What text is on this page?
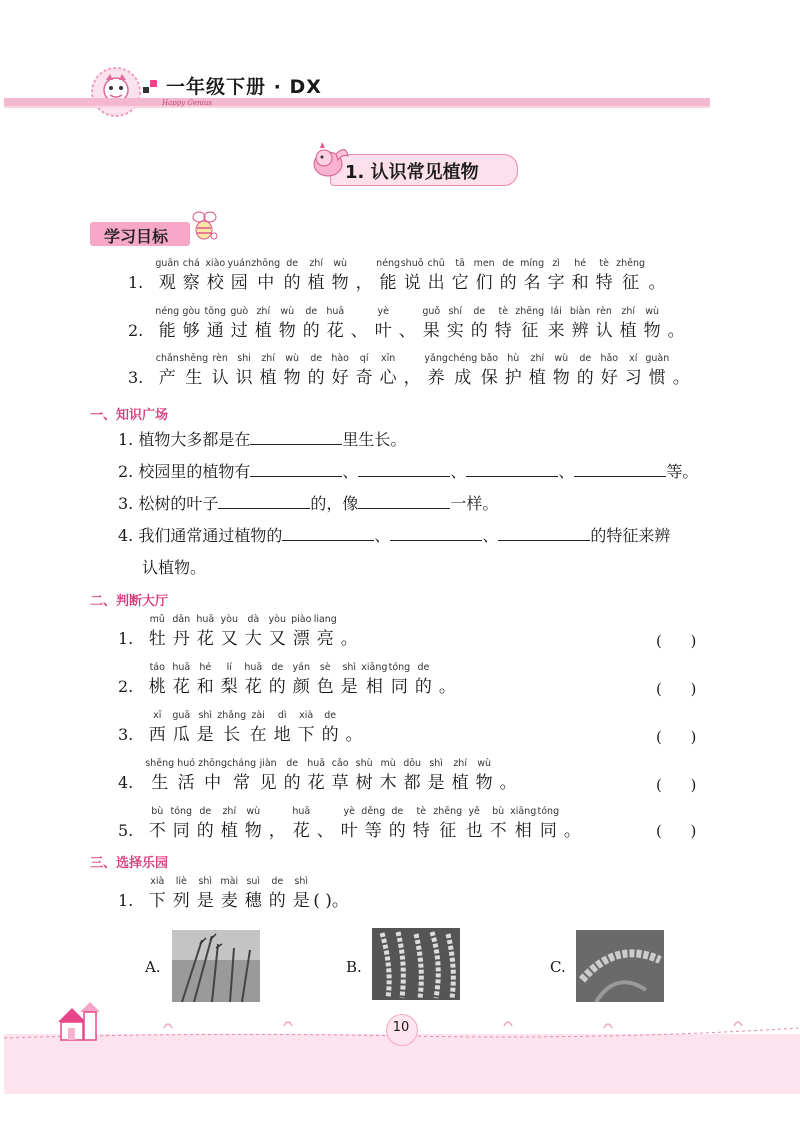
一年级下册 · DX
Happy Genius
1. 认识常见植物
学习目标
1.
guān
观
chá
察
xiào
校
yuán
园
zhōng
中
de
的
zhí
植
wù
物 ，
néng
能
shuō
说
chū
出
tā
它
men
们
de
的
míng
名
zì
字
hé
和
tè
特
zhēng
征 。
2.
néng
能
gòu
够
tōng
通
guò
过
zhí
植
wù
物
de
的
huā
花 、
yè
叶 、
guǒ
果
shí
实
de
的
tè
特
zhēng
征
lái
来
biàn
辨
rèn
认
zhí
植
wù
物 。
3.
chǎn
产
shēng
生
rèn
认
shi
识
zhí
植
wù
物
de
的
hào
好
qí
奇
xīn
心 ，
yǎng
养
chéng
成
bǎo
保
hù
护
zhí
植
wù
物
de
的
hǎo
好
xí
习
guàn
惯 。
一、知识广场
1. 植物大多都是在	里生长。
2. 校园里的植物有	、	、	、	等。
3. 松树的叶子	的，像	一样。
4. 我们通常通过植物的	、	、	的特征来辨
认植物。
二、判断大厅
1.
mǔ
牡
dān
丹
huā
花
yòu
又
dà
大
yòu
又
piào
漂
liang
亮 。
2.
táo
桃
huā
花
hé
和
lí
梨
huā
花
de
的
yán
颜
sè
色
shì
是
xiāng
相
tóng
同
de
的 。
3.
xī
西
guā
瓜
shì
是
zhǎng
长
zài
在
dì
地
xià
下
de
的 。
4.
shēng
生
huó
活
zhōng
中
cháng
常
jiàn
见
de
的
huā
花
cǎo
草
shù
树
mù
木
dōu
都
shì
是
zhí
植
wù
物 。
5.
bù
不
tóng
同
de
的
zhí
植
wù
物 ，
huā
花 、
yè
叶
děng
等
de
的
tè
特
zhēng
征
yě
也
bù
不
xiāng
相
tóng
同 。
(      )
(      )
(      )
(      )
(      )
三、选择乐园
1.
xià
下
liè
列
shì
是
mài
麦
suì
穗
de
的
shì
是 ( )。
A.	B.	C.
10
